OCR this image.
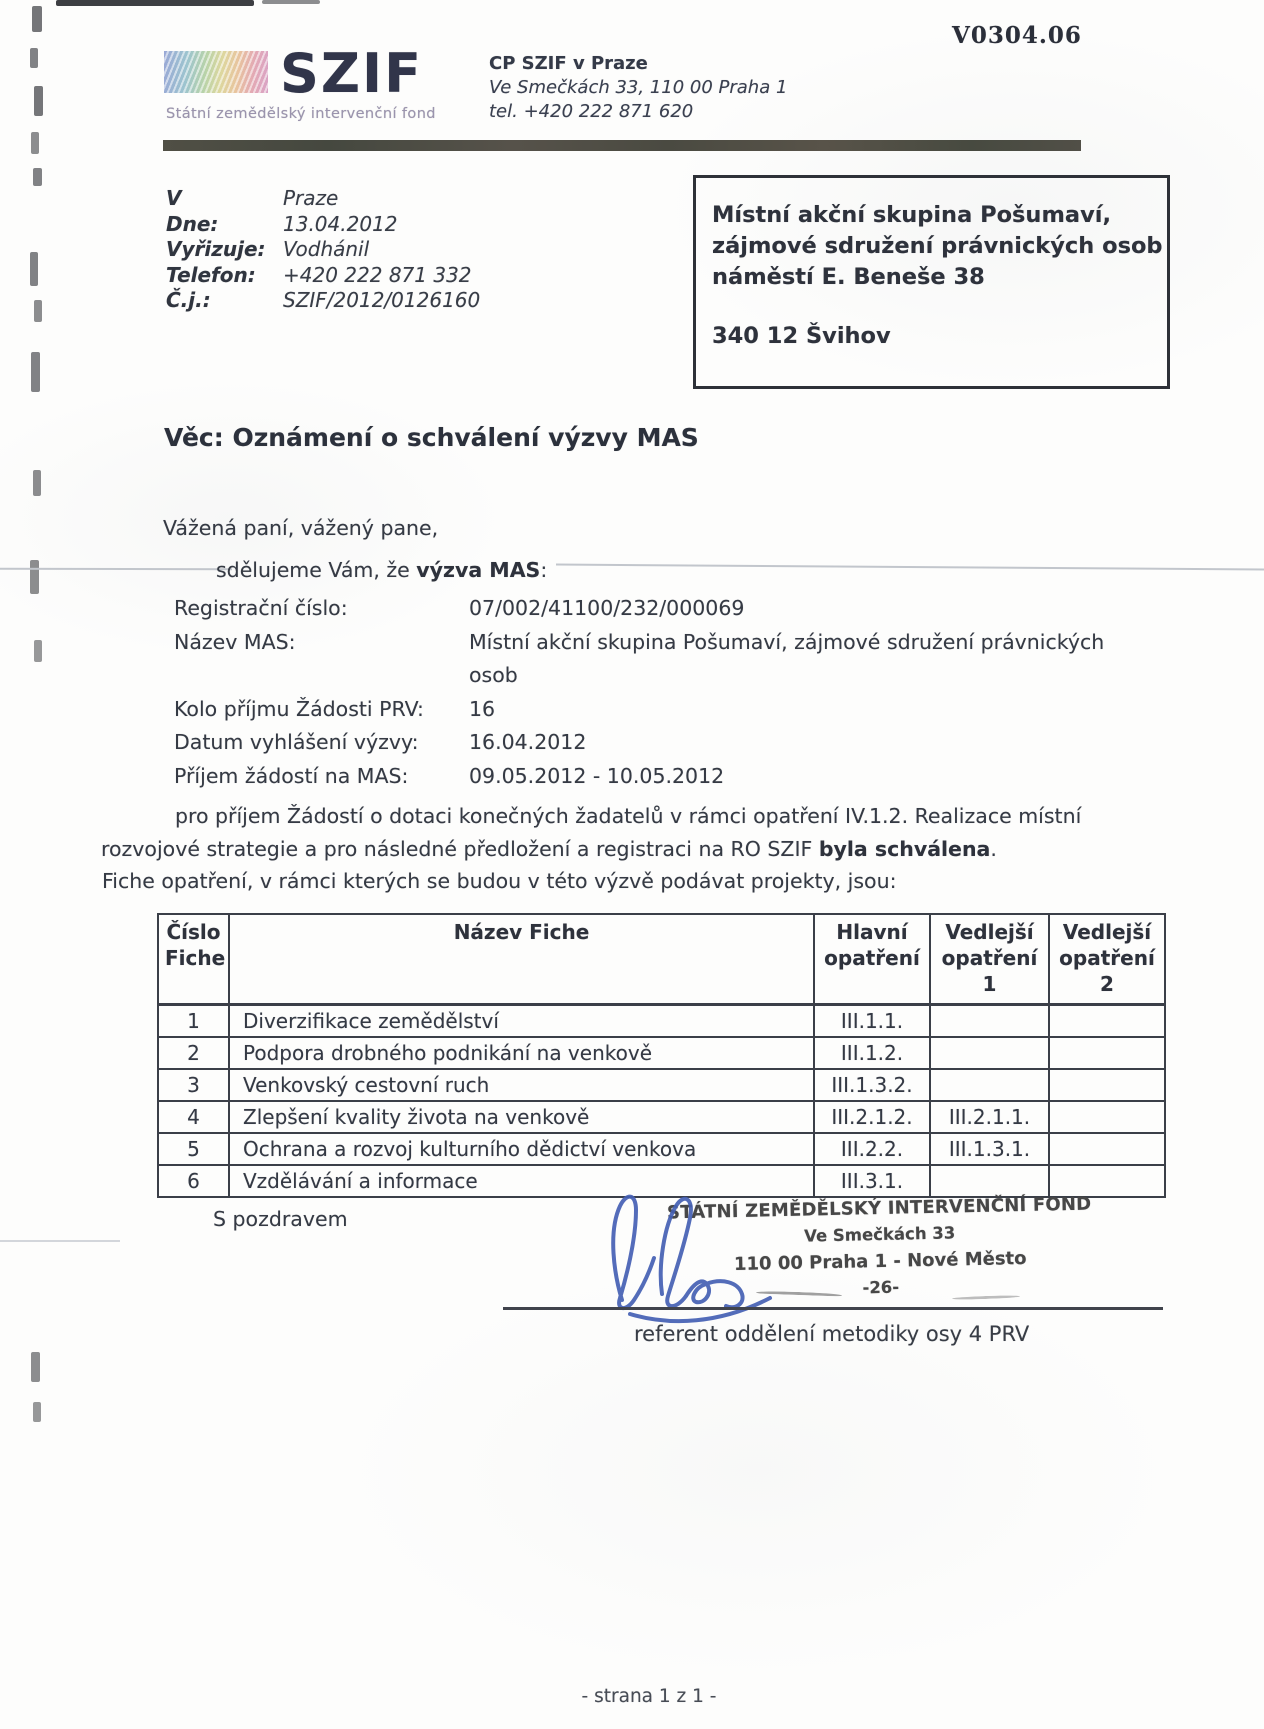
V0304.06
SZIF
Státní zemědělský intervenční fond
CP SZIF v Praze
Ve Smečkách 33, 110 00 Praha 1
tel. +420 222 871 620
V	Praze
Dne:	13.04.2012
Vyřizuje: Vodhánil
Telefon:	+420 222 871 332
Č.j.:	SZIF/2012/0126160
Místní akční skupina Pošumaví,
zájmové sdružení právnických osob
náměstí E. Beneše 38
340 12 Švihov
Věc: Oznámení o schválení výzvy MAS
Vážená paní, vážený pane,
sdělujeme Vám, že výzva MAS:
Registrační číslo:	07/002/41100/232/000069
Název MAS:	Místní akční skupina Pošumaví, zájmové sdružení právnických osob
Kolo příjmu Žádosti PRV:	16
Datum vyhlášení výzvy:	16.04.2012
Příjem žádostí na MAS:	09.05.2012 - 10.05.2012
pro příjem Žádostí o dotaci konečných žadatelů v rámci opatření IV.1.2. Realizace místní rozvojové strategie a pro následné předložení a registraci na RO SZIF byla schválena.
Fiche opatření, v rámci kterých se budou v této výzvě podávat projekty, jsou:
Číslo Fiche	Název Fiche	Hlavní opatření	Vedlejší opatření 1	Vedlejší opatření 2
1	Diverzifikace zemědělství	III.1.1.		
2	Podpora drobného podnikání na venkově	III.1.2.		
3	Venkovský cestovní ruch	III.1.3.2.		
4	Zlepšení kvality života na venkově	III.2.1.2.	III.2.1.1.	
5	Ochrana a rozvoj kulturního dědictví venkova	III.2.2.	III.1.3.1.	
6	Vzdělávání a informace	III.3.1.		
S pozdravem	STÁTNÍ ZEMĚDĚLSKÝ INTERVENČNÍ FOND
Ve Smečkách 33
110 00 Praha 1 - Nové Město
-26-
referent oddělení metodiky osy 4 PRV
- strana 1 z 1 -
